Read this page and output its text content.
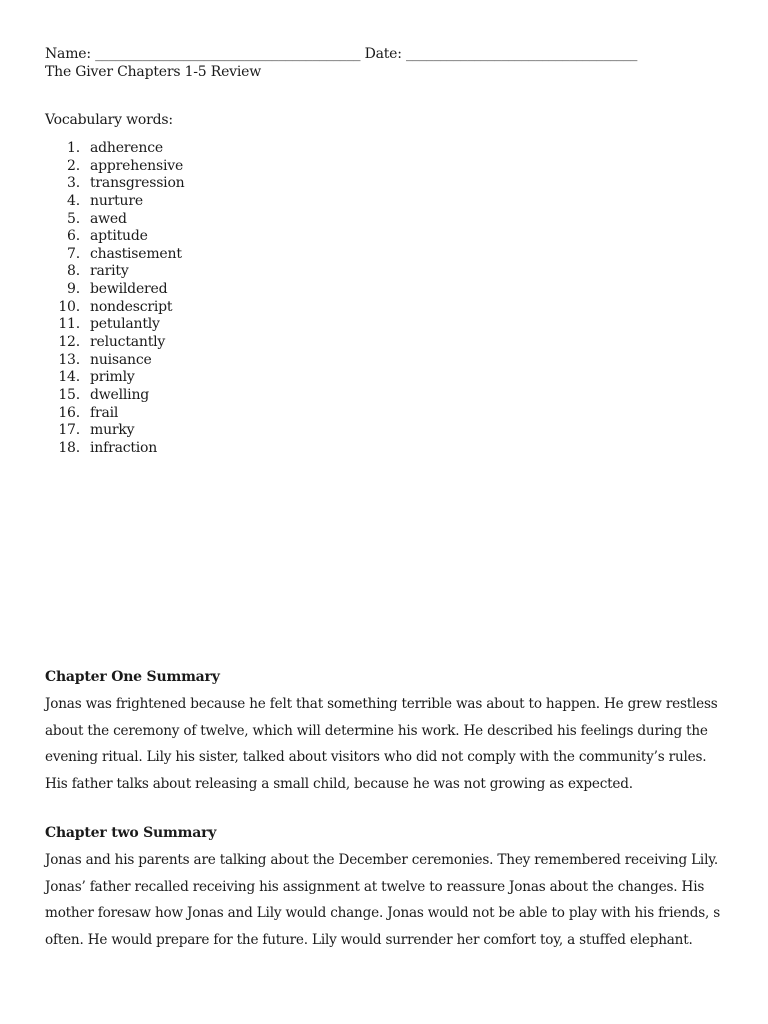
Name: _______________________________________ Date: __________________________________
The Giver Chapters 1-5 Review
Vocabulary words:
1. adherence
2. apprehensive
3. transgression
4. nurture
5. awed
6. aptitude
7. chastisement
8. rarity
9. bewildered
10. nondescript
11. petulantly
12. reluctantly
13. nuisance
14. primly
15. dwelling
16. frail
17. murky
18. infraction
Chapter One Summary
Jonas was frightened because he felt that something terrible was about to happen. He grew restless
about the ceremony of twelve, which will determine his work. He described his feelings during the
evening ritual. Lily his sister, talked about visitors who did not comply with the community’s rules.
His father talks about releasing a small child, because he was not growing as expected.
Chapter two Summary
Jonas and his parents are talking about the December ceremonies. They remembered receiving Lily.
Jonas’ father recalled receiving his assignment at twelve to reassure Jonas about the changes. His
mother foresaw how Jonas and Lily would change. Jonas would not be able to play with his friends, s
often. He would prepare for the future. Lily would surrender her comfort toy, a stuffed elephant.
